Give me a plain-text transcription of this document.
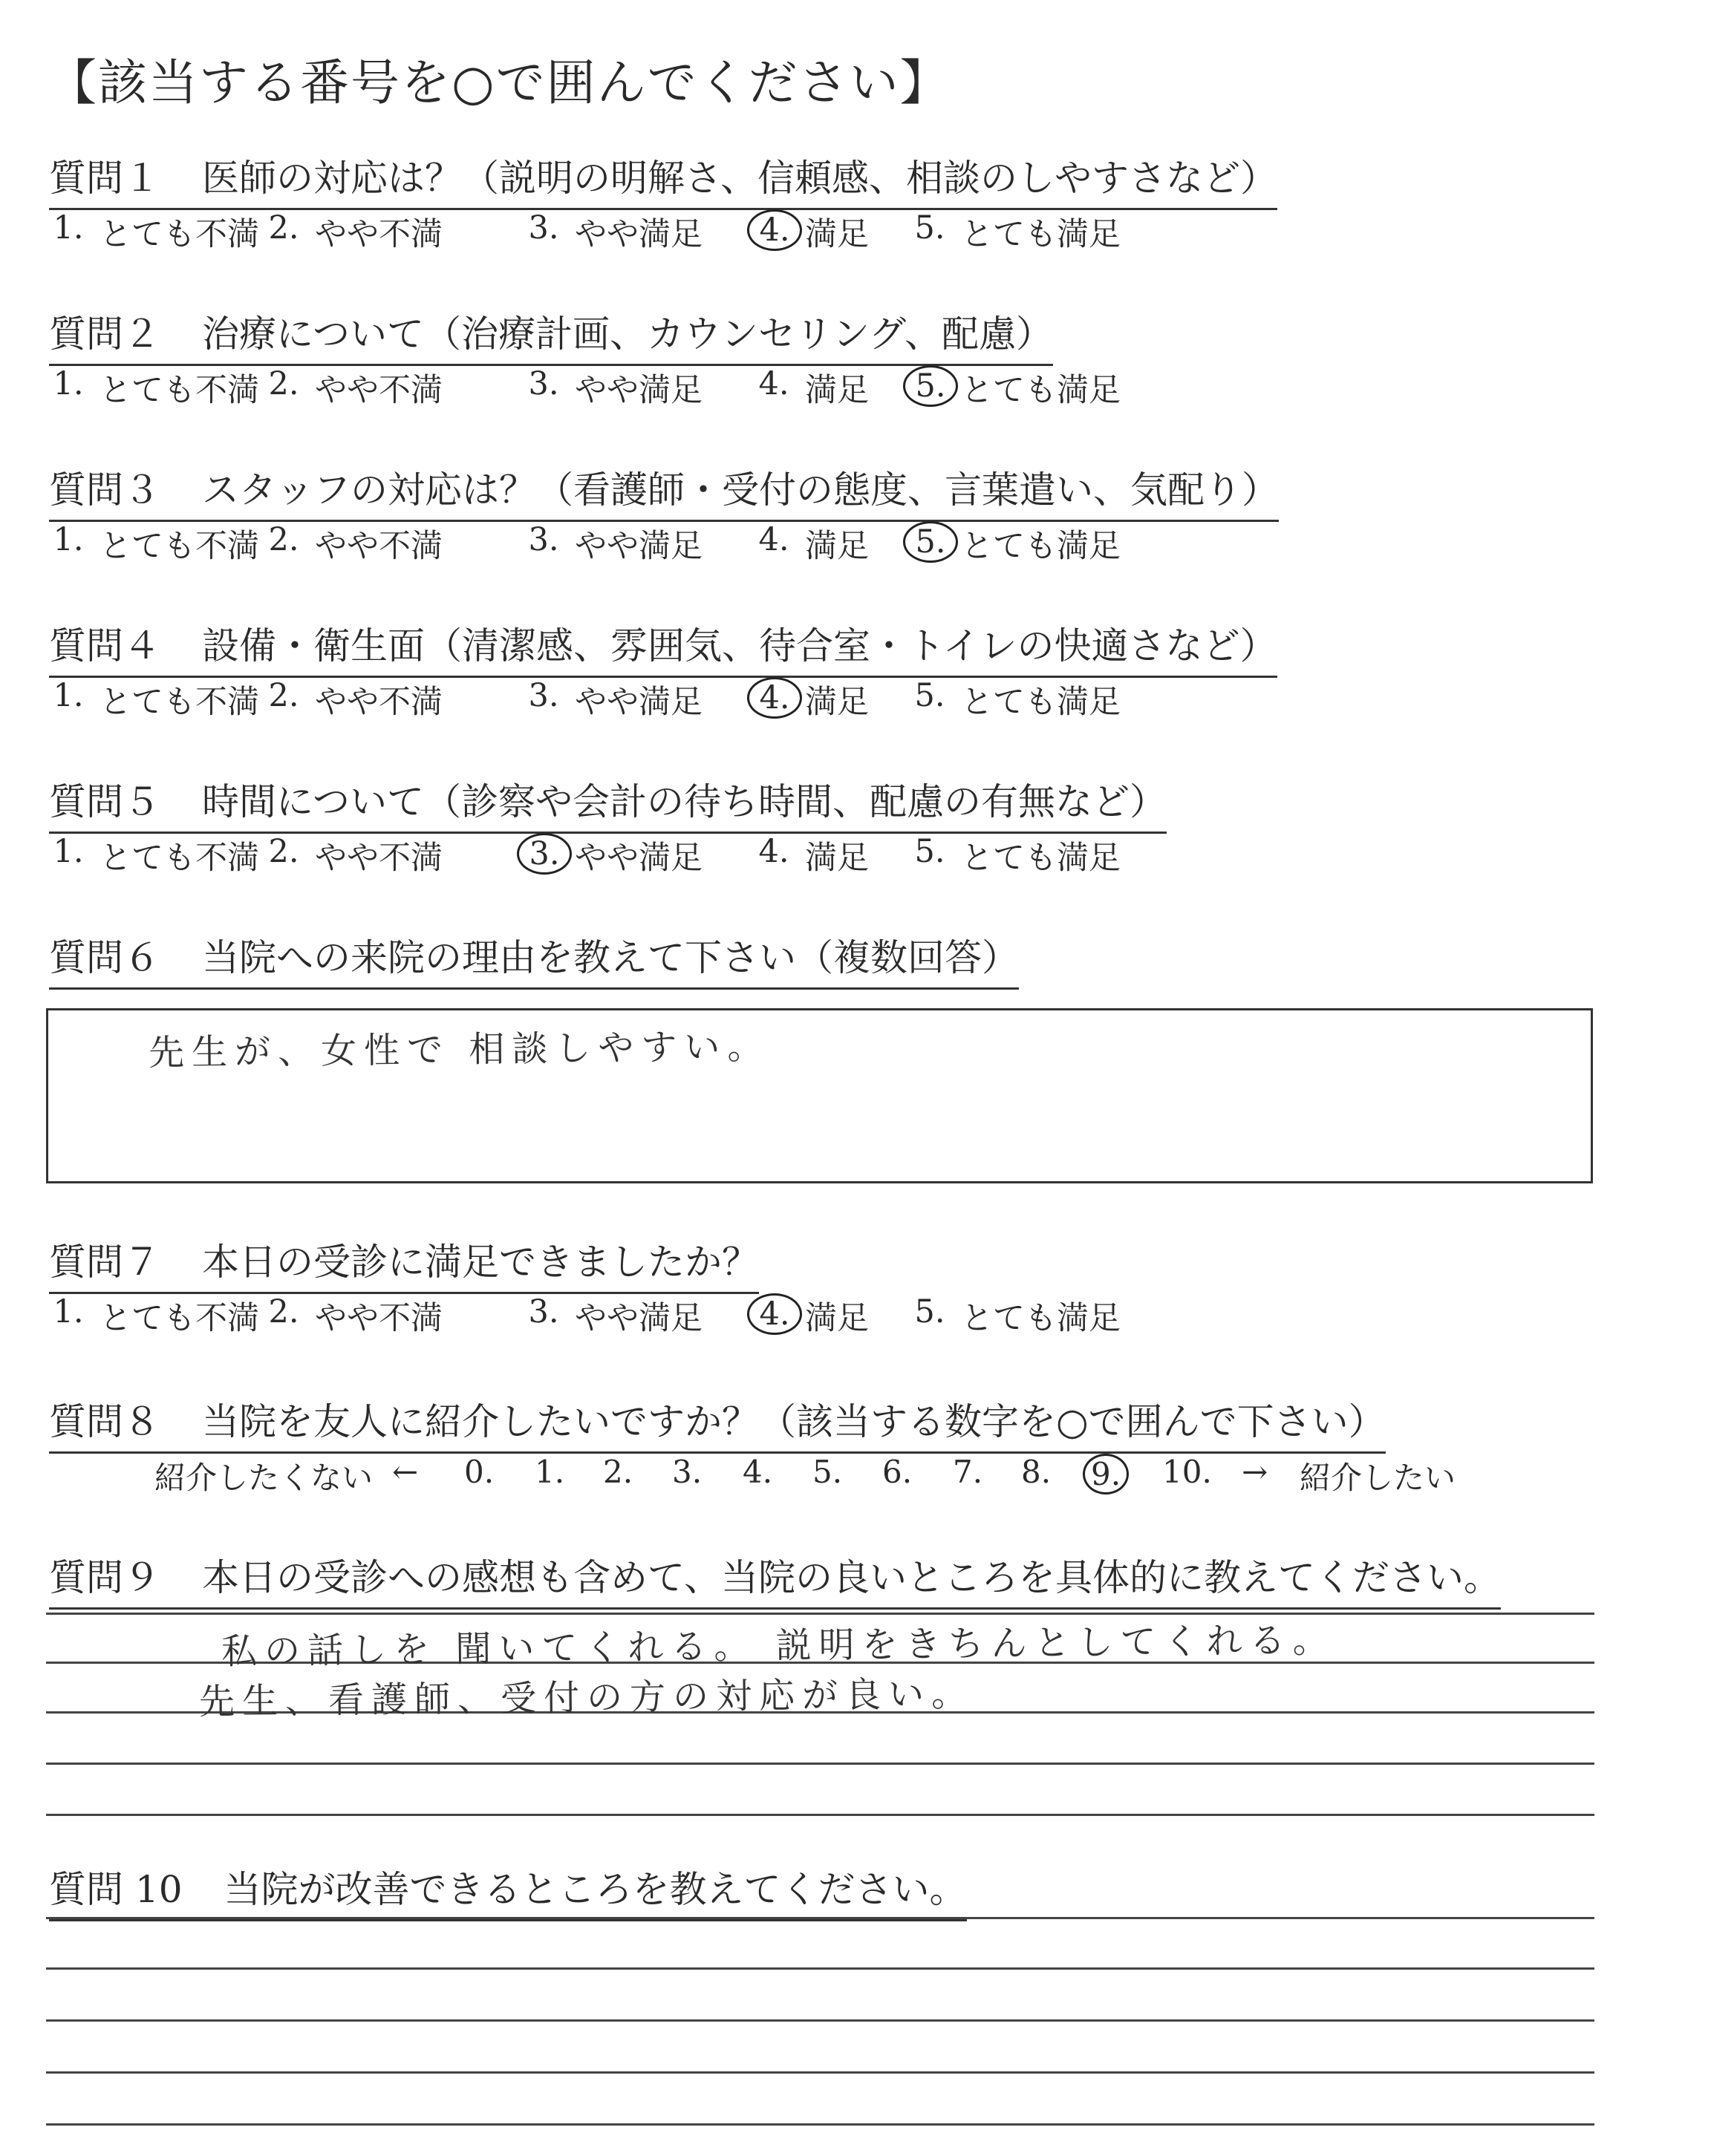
【該当する番号を○で囲んでください】
質問１ 医師の対応は？（説明の明解さ、信頼感、相談のしやすさなど）
1. とても不満 2. やや不満	3. やや満足	4. 満足 5. とても満足
質問２ 治療について（治療計画、カウンセリング、配慮）
1. とても不満 2. やや不満	3. やや満足 4. 満足	5. とても満足
質問３ スタッフの対応は？（看護師・受付の態度、言葉遣い、気配り）
1. とても不満 2. やや不満	3. やや満足 4. 満足	5. とても満足
質問４ 設備・衛生面（清潔感、雰囲気、待合室・トイレの快適さなど）
1. とても不満 2. やや不満	3. やや満足	4. 満足 5. とても満足
質問５ 時間について（診察や会計の待ち時間、配慮の有無など）
1. とても不満 2. やや不満	3. やや満足 4. 満足 5. とても満足
質問６ 当院への来院の理由を教えて下さい（複数回答）
質問７ 本日の受診に満足できましたか？
1. とても不満 2. やや不満	3. やや満足	4. 満足 5. とても満足
質問８ 当院を友人に紹介したいですか？（該当する数字を○で囲んで下さい）
質問９ 本日の受診への感想も含めて、当院の良いところを具体的に教えてください。
質問 10 当院が改善できるところを教えてください。
先生が、女性で 相談しやすい。
紹介したくない ← 0. 1. 2. 3. 4. 5. 6. 7. 8. 9. 10. → 紹介したい
私の話しを 聞いてくれる。 説明をきちんとしてくれる。
先生、看護師、受付の方の対応が良い。
